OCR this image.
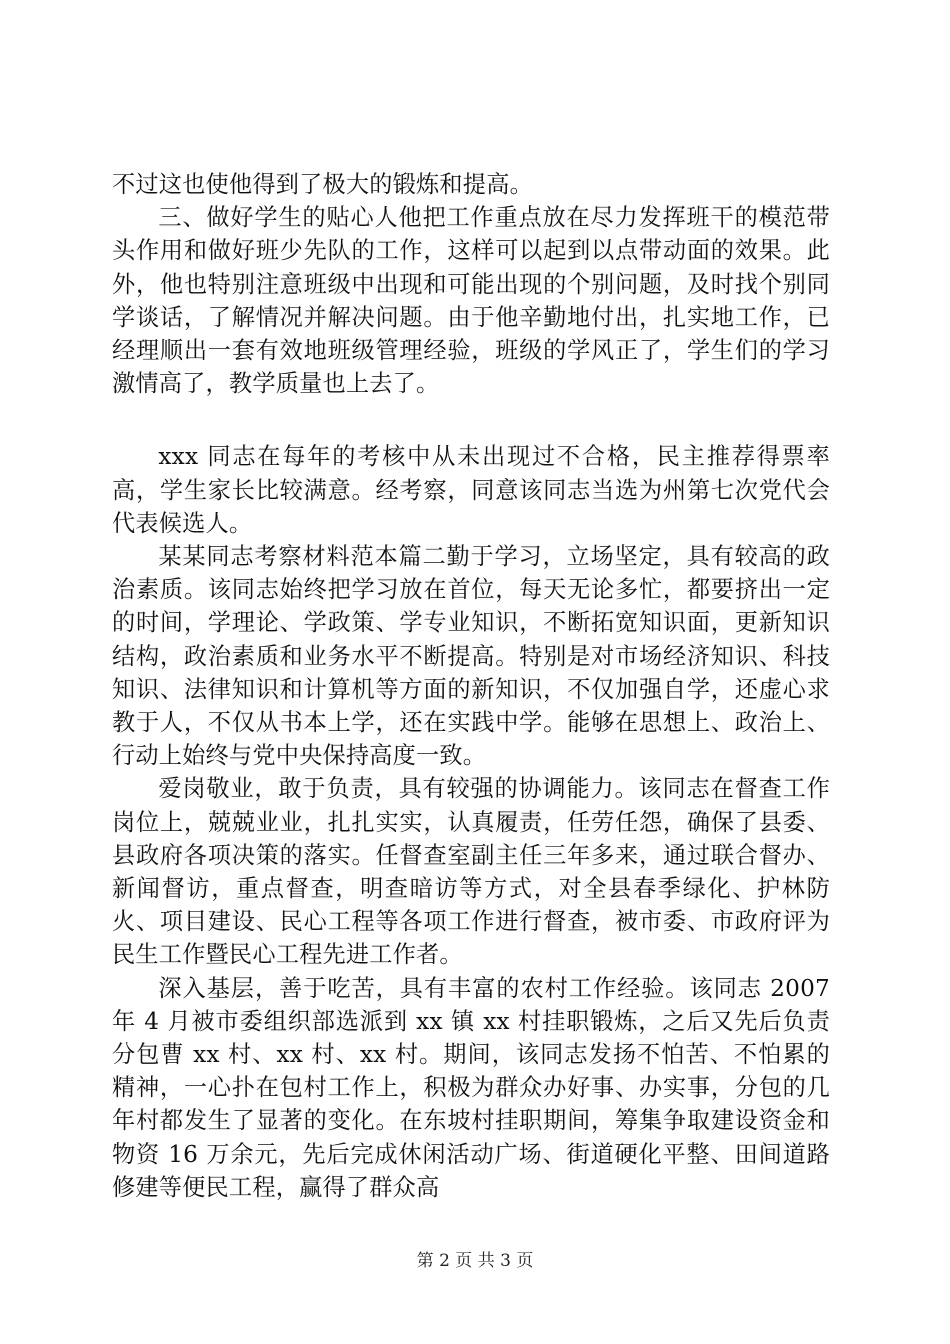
不过这也使他得到了极大的锻炼和提高。

三、做好学生的贴心人他把工作重点放在尽力发挥班干的模范带头作用和做好班少先队的工作，这样可以起到以点带动面的效果。此外，他也特别注意班级中出现和可能出现的个别问题，及时找个别同学谈话，了解情况并解决问题。由于他辛勤地付出，扎实地工作，已经理顺出一套有效地班级管理经验，班级的学风正了，学生们的学习激情高了，教学质量也上去了。

xxx 同志在每年的考核中从未出现过不合格，民主推荐得票率高，学生家长比较满意。经考察，同意该同志当选为州第七次党代会代表候选人。

某某同志考察材料范本篇二勤于学习，立场坚定，具有较高的政治素质。该同志始终把学习放在首位，每天无论多忙，都要挤出一定的时间，学理论、学政策、学专业知识，不断拓宽知识面，更新知识结构，政治素质和业务水平不断提高。特别是对市场经济知识、科技知识、法律知识和计算机等方面的新知识，不仅加强自学，还虚心求教于人，不仅从书本上学，还在实践中学。能够在思想上、政治上、行动上始终与党中央保持高度一致。

爱岗敬业，敢于负责，具有较强的协调能力。该同志在督查工作岗位上，兢兢业业，扎扎实实，认真履责，任劳任怨，确保了县委、县政府各项决策的落实。任督查室副主任三年多来，通过联合督办、新闻督访，重点督查，明查暗访等方式，对全县春季绿化、护林防火、项目建设、民心工程等各项工作进行督查，被市委、市政府评为民生工作暨民心工程先进工作者。

深入基层，善于吃苦，具有丰富的农村工作经验。该同志 2007 年 4 月被市委组织部选派到 xx 镇 xx 村挂职锻炼，之后又先后负责分包曹 xx 村、xx 村、xx 村。期间，该同志发扬不怕苦、不怕累的精神，一心扑在包村工作上，积极为群众办好事、办实事，分包的几年村都发生了显著的变化。在东坡村挂职期间，筹集争取建设资金和物资 16 万余元，先后完成休闲活动广场、街道硬化平整、田间道路修建等便民工程，赢得了群众高

第 2 页 共 3 页
